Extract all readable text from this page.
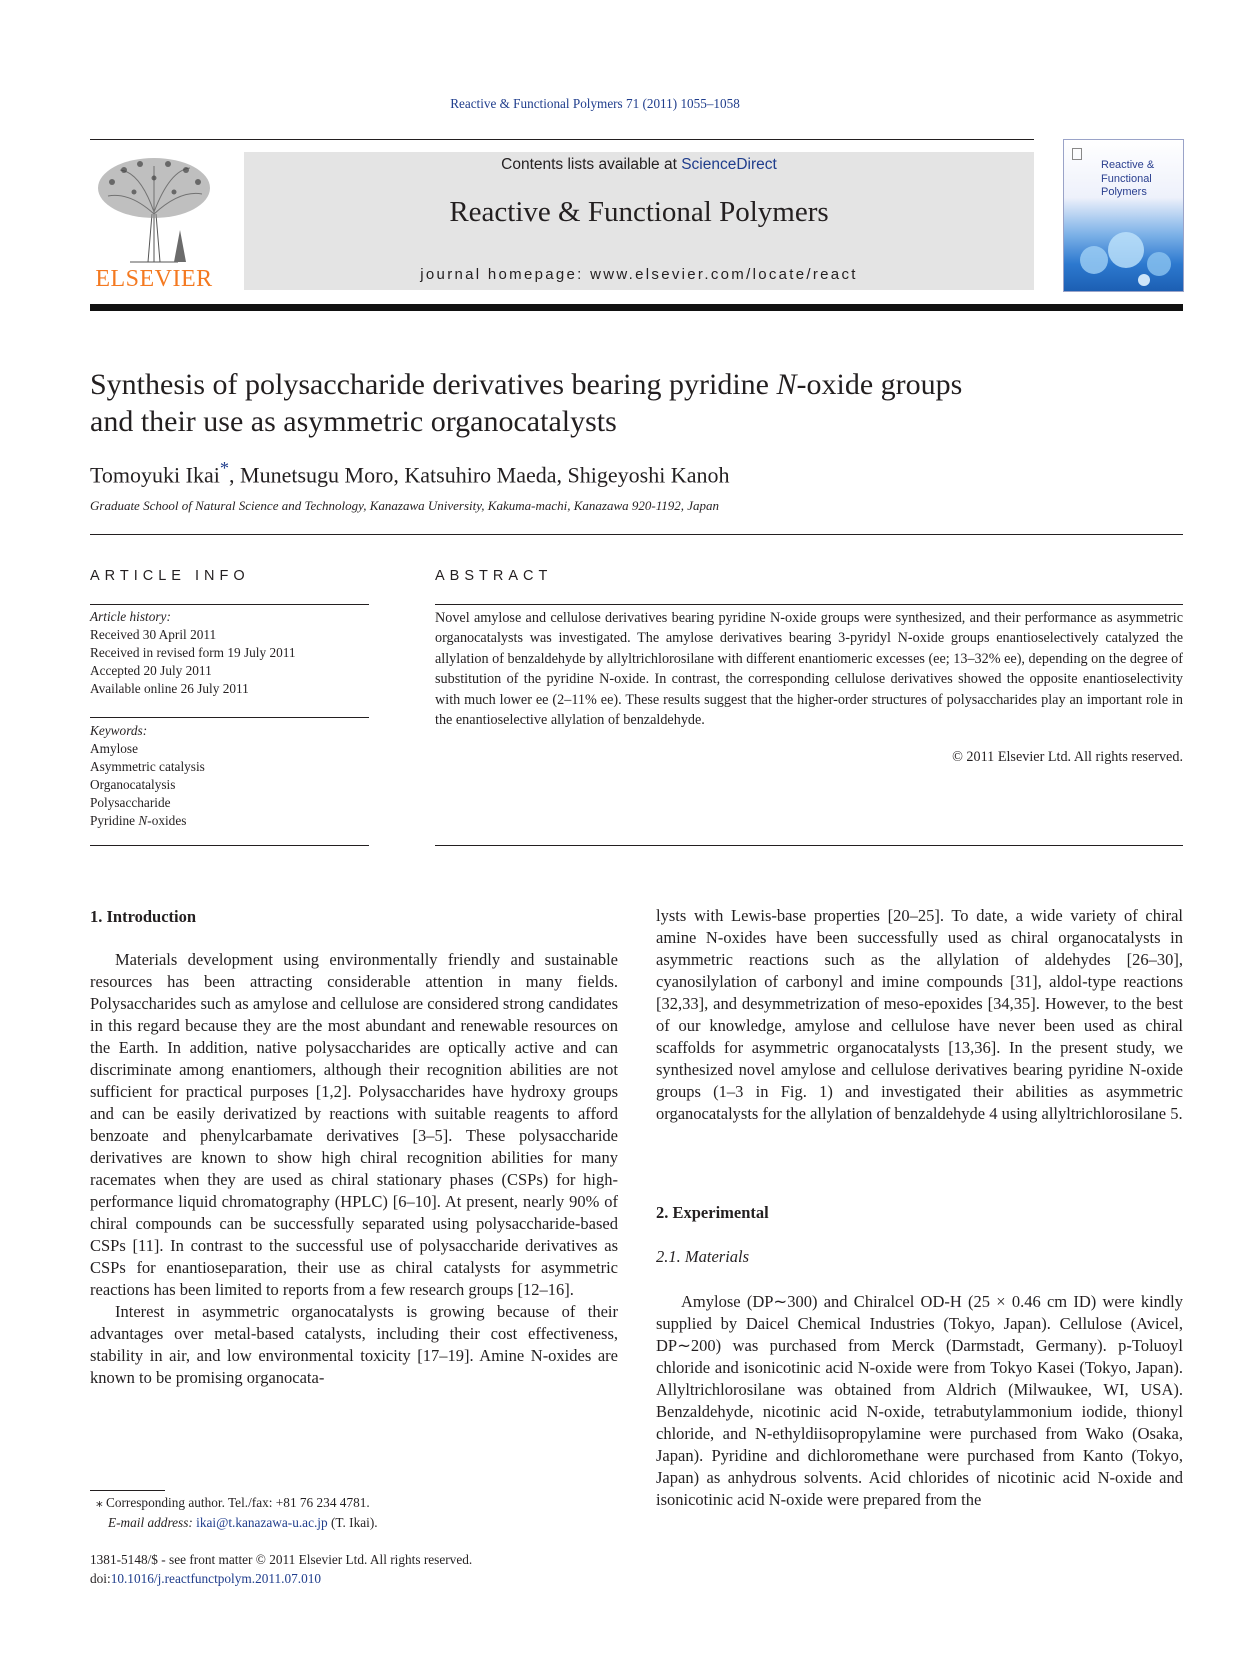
Reactive & Functional Polymers 71 (2011) 1055–1058
ELSEVIER
Contents lists available at ScienceDirect
Reactive & Functional Polymers
journal homepage: www.elsevier.com/locate/react
Reactive &
Functional
Polymers
Synthesis of polysaccharide derivatives bearing pyridine N-oxide groups
and their use as asymmetric organocatalysts
Tomoyuki Ikai*, Munetsugu Moro, Katsuhiro Maeda, Shigeyoshi Kanoh
Graduate School of Natural Science and Technology, Kanazawa University, Kakuma-machi, Kanazawa 920-1192, Japan
ARTICLE INFO	ABSTRACT
Article history:
Received 30 April 2011
Received in revised form 19 July 2011
Accepted 20 July 2011
Available online 26 July 2011
Keywords:
Amylose
Asymmetric catalysis
Organocatalysis
Polysaccharide
Pyridine N-oxides
Novel amylose and cellulose derivatives bearing pyridine N-oxide groups were synthesized, and their performance as asymmetric organocatalysts was investigated. The amylose derivatives bearing 3-pyridyl N-oxide groups enantioselectively catalyzed the allylation of benzaldehyde by allyltrichlorosilane with different enantiomeric excesses (ee; 13–32% ee), depending on the degree of substitution of the pyridine N-oxide. In contrast, the corresponding cellulose derivatives showed the opposite enantioselectivity with much lower ee (2–11% ee). These results suggest that the higher-order structures of polysaccharides play an important role in the enantioselective allylation of benzaldehyde.
© 2011 Elsevier Ltd. All rights reserved.
1. Introduction

Materials development using environmentally friendly and sustainable resources has been attracting considerable attention in many fields. Polysaccharides such as amylose and cellulose are considered strong candidates in this regard because they are the most abundant and renewable resources on the Earth. In addition, native polysaccharides are optically active and can discriminate among enantiomers, although their recognition abilities are not sufficient for practical purposes [1,2]. Polysaccharides have hydroxy groups and can be easily derivatized by reactions with suitable reagents to afford benzoate and phenylcarbamate derivatives [3–5]. These polysaccharide derivatives are known to show high chiral recognition abilities for many racemates when they are used as chiral stationary phases (CSPs) for high-performance liquid chromatography (HPLC) [6–10]. At present, nearly 90% of chiral compounds can be successfully separated using polysaccharide-based CSPs [11]. In contrast to the successful use of polysaccharide derivatives as CSPs for enantioseparation, their use as chiral catalysts for asymmetric reactions has been limited to reports from a few research groups [12–16].

Interest in asymmetric organocatalysts is growing because of their advantages over metal-based catalysts, including their cost effectiveness, stability in air, and low environmental toxicity [17–19]. Amine N-oxides are known to be promising organocata-

lysts with Lewis-base properties [20–25]. To date, a wide variety of chiral amine N-oxides have been successfully used as chiral organocatalysts in asymmetric reactions such as the allylation of aldehydes [26–30], cyanosilylation of carbonyl and imine compounds [31], aldol-type reactions [32,33], and desymmetrization of meso-epoxides [34,35]. However, to the best of our knowledge, amylose and cellulose have never been used as chiral scaffolds for asymmetric organocatalysts [13,36]. In the present study, we synthesized novel amylose and cellulose derivatives bearing pyridine N-oxide groups (1–3 in Fig. 1) and investigated their abilities as asymmetric organocatalysts for the allylation of benzaldehyde 4 using allyltrichlorosilane 5.

2. Experimental
2.1. Materials

Amylose (DP∼300) and Chiralcel OD-H (25 × 0.46 cm ID) were kindly supplied by Daicel Chemical Industries (Tokyo, Japan). Cellulose (Avicel, DP∼200) was purchased from Merck (Darmstadt, Germany). p-Toluoyl chloride and isonicotinic acid N-oxide were from Tokyo Kasei (Tokyo, Japan). Allyltrichlorosilane was obtained from Aldrich (Milwaukee, WI, USA). Benzaldehyde, nicotinic acid N-oxide, tetrabutylammonium iodide, thionyl chloride, and N-ethyldiisopropylamine were purchased from Wako (Osaka, Japan). Pyridine and dichloromethane were purchased from Kanto (Tokyo, Japan) as anhydrous solvents. Acid chlorides of nicotinic acid N-oxide and isonicotinic acid N-oxide were prepared from the

⁎ Corresponding author. Tel./fax: +81 76 234 4781.
E-mail address: ikai@t.kanazawa-u.ac.jp (T. Ikai).
1381-5148/$ - see front matter © 2011 Elsevier Ltd. All rights reserved.
doi:10.1016/j.reactfunctpolym.2011.07.010
